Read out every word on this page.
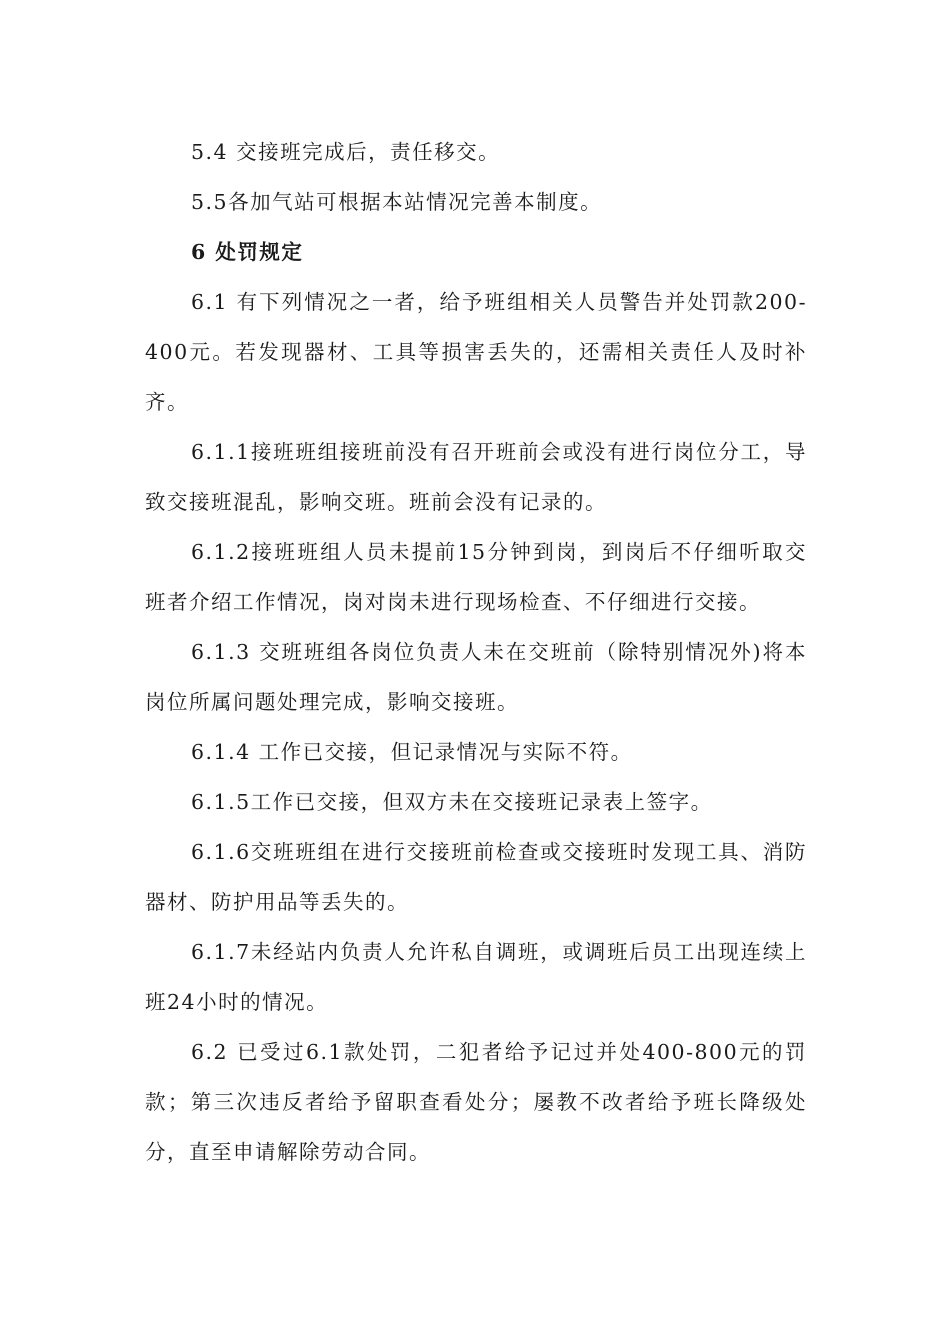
5.4 交接班完成后，责任移交。

5.5各加气站可根据本站情况完善本制度。

6 处罚规定

6.1 有下列情况之一者，给予班组相关人员警告并处罚款200-400元。若发现器材、工具等损害丢失的，还需相关责任人及时补齐。

6.1.1接班班组接班前没有召开班前会或没有进行岗位分工，导致交接班混乱，影响交班。班前会没有记录的。

6.1.2接班班组人员未提前15分钟到岗，到岗后不仔细听取交班者介绍工作情况，岗对岗未进行现场检查、不仔细进行交接。

6.1.3 交班班组各岗位负责人未在交班前（除特别情况外)将本岗位所属问题处理完成，影响交接班。

6.1.4 工作已交接，但记录情况与实际不符。

6.1.5工作已交接，但双方未在交接班记录表上签字。

6.1.6交班班组在进行交接班前检查或交接班时发现工具、消防器材、防护用品等丢失的。

6.1.7未经站内负责人允许私自调班，或调班后员工出现连续上班24小时的情况。

6.2 已受过6.1款处罚，二犯者给予记过并处400-800元的罚款；第三次违反者给予留职查看处分；屡教不改者给予班长降级处分，直至申请解除劳动合同。
